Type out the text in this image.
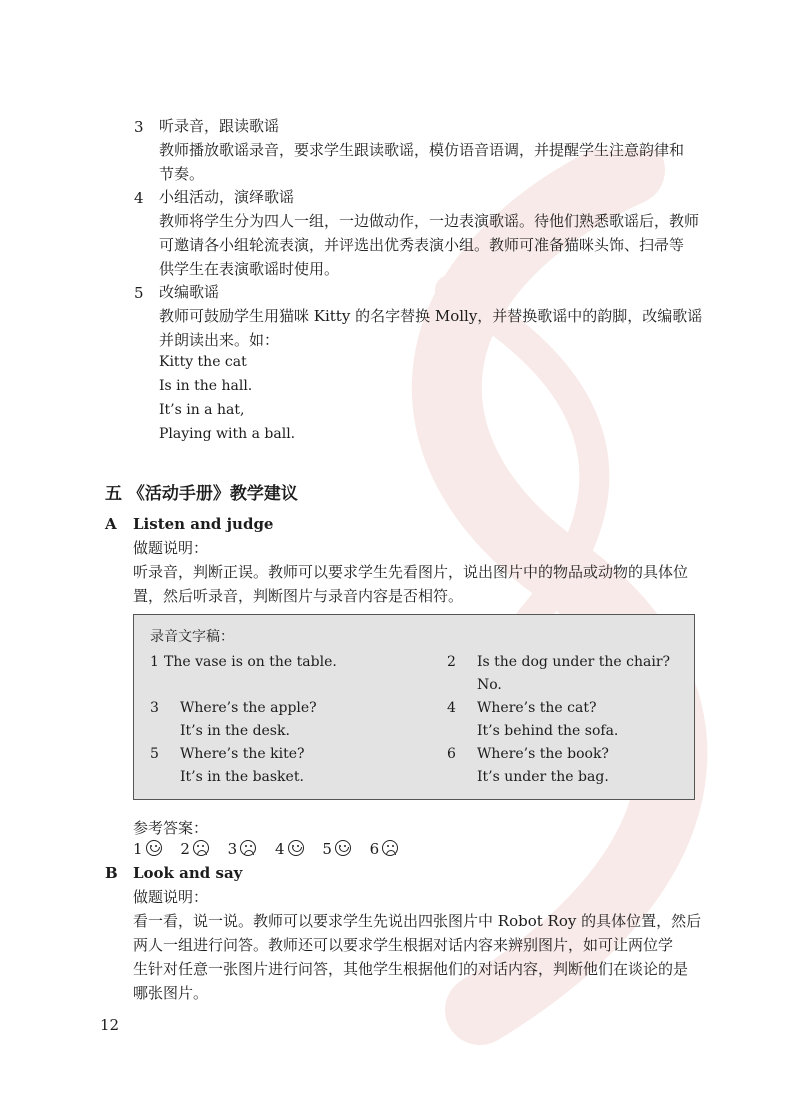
3 听录音，跟读歌谣
教师播放歌谣录音，要求学生跟读歌谣，模仿语音语调，并提醒学生注意韵律和
节奏。
4 小组活动，演绎歌谣
教师将学生分为四人一组，一边做动作，一边表演歌谣。待他们熟悉歌谣后，教师
可邀请各小组轮流表演，并评选出优秀表演小组。教师可准备猫咪头饰、扫帚等
供学生在表演歌谣时使用。
5 改编歌谣
教师可鼓励学生用猫咪 Kitty 的名字替换 Molly，并替换歌谣中的韵脚，改编歌谣
并朗读出来。如：
Kitty the cat
Is in the hall.
It’s in a hat,
Playing with a ball.
五 《活动手册》教学建议
A Listen and judge
做题说明：
听录音，判断正误。教师可以要求学生先看图片，说出图片中的物品或动物的具体位
置，然后听录音，判断图片与录音内容是否相符。
录音文字稿：
1 The vase is on the table.	2 Is the dog under the chair?
No.
3 Where’s the apple?
It’s in the desk.
4 Where’s the cat?
It’s behind the sofa.
5 Where’s the kite?
It’s in the basket.
6 Where’s the book?
It’s under the bag.
参考答案：
1	2	3	4	5	6
B Look and say
做题说明：
看一看，说一说。教师可以要求学生先说出四张图片中 Robot Roy 的具体位置，然后
两人一组进行问答。教师还可以要求学生根据对话内容来辨别图片，如可让两位学
生针对任意一张图片进行问答，其他学生根据他们的对话内容，判断他们在谈论的是
哪张图片。
12
